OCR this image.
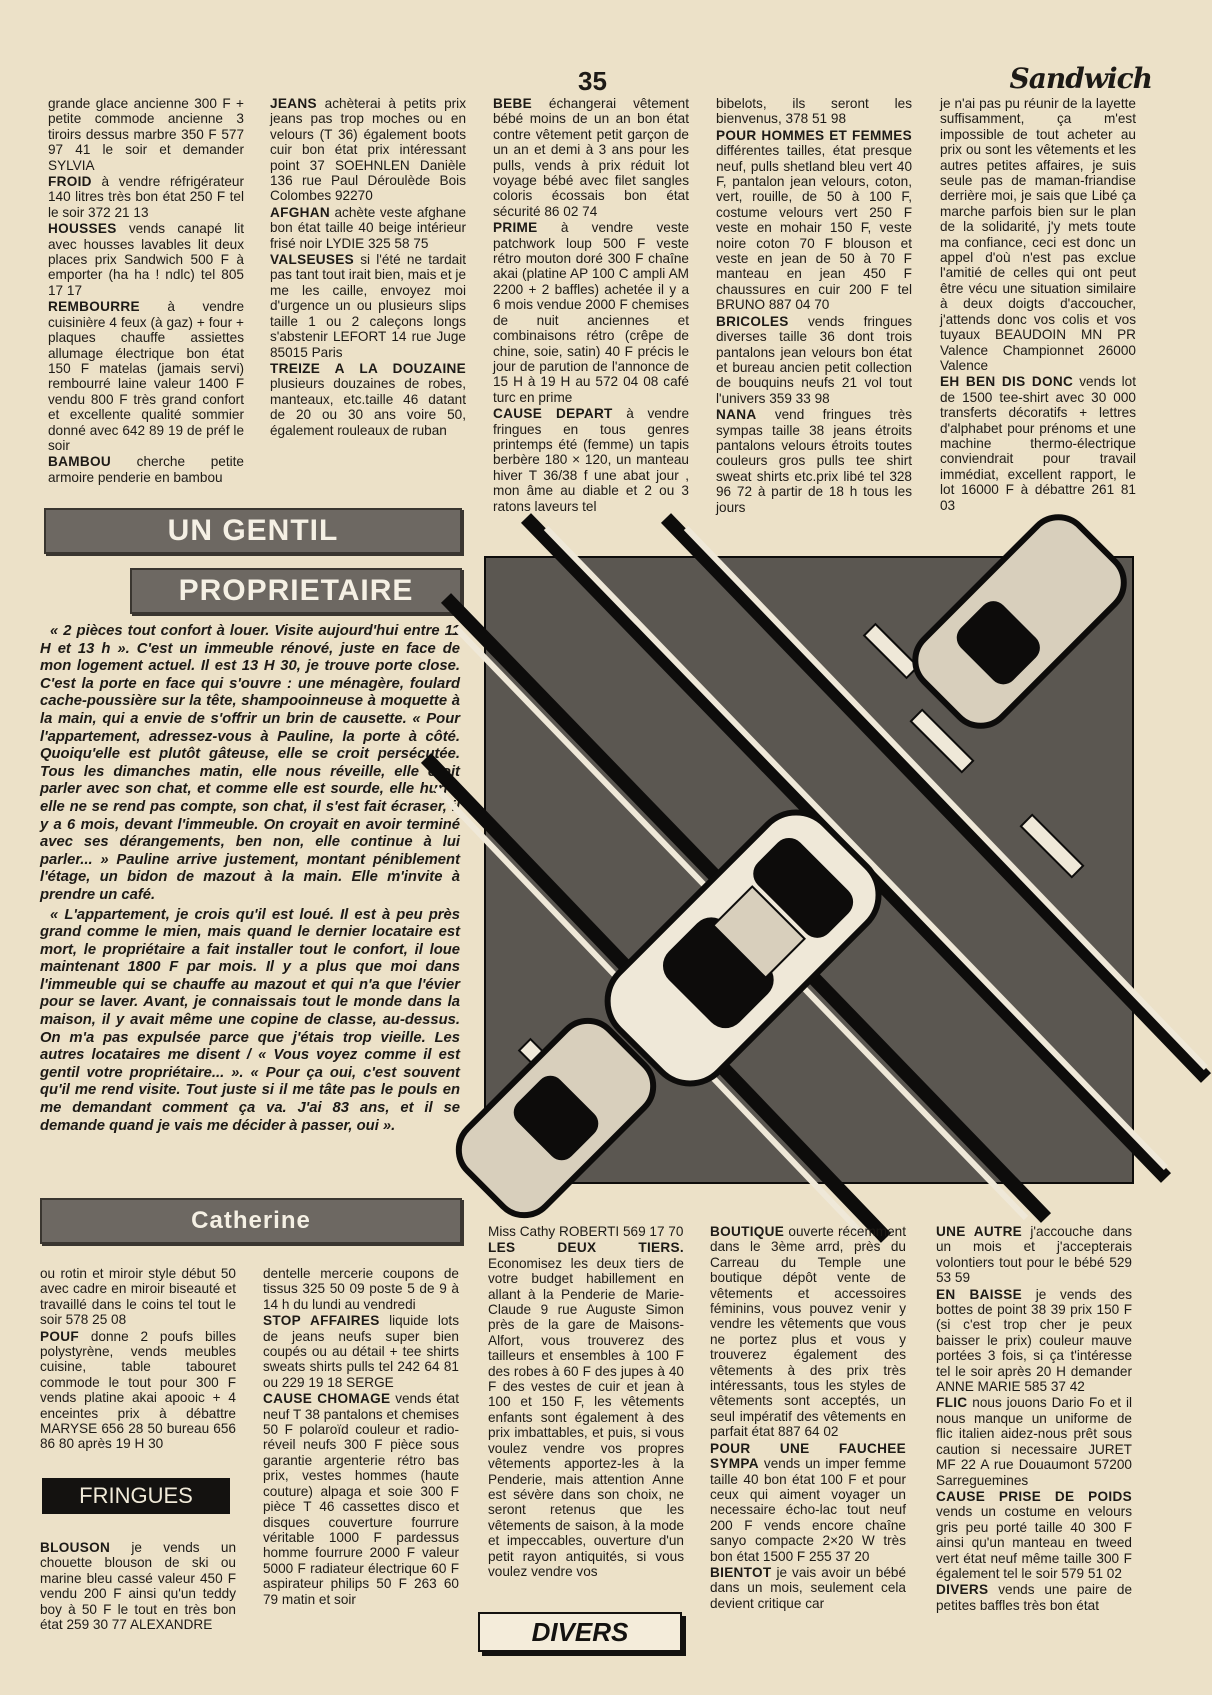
35	Sandwich

grande glace ancienne 300 F + petite commode ancienne 3 tiroirs dessus marbre 350 F 577 97 41 le soir et demander SYLVIA

FROID à vendre réfrigérateur 140 litres très bon état 250 F tel le soir 372 21 13

HOUSSES vends canapé lit avec housses lavables lit deux places prix Sandwich 500 F à emporter (ha ha ! ndlc) tel 805 17 17

REMBOURRE à vendre cuisinière 4 feux (à gaz) + four + plaques chauffe assiettes allumage électrique bon état 150 F matelas (jamais servi) rembourré laine valeur 1400 F vendu 800 F très grand confort et excellente qualité sommier donné avec 642 89 19 de préf le soir

BAMBOU cherche petite armoire penderie en bambou

JEANS achèterai à petits prix jeans pas trop moches ou en velours (T 36) également boots cuir bon état prix intéressant point 37 SOEHNLEN Danièle 136 rue Paul Déroulède Bois Colombes 92270

AFGHAN achète veste afghane bon état taille 40 beige intérieur frisé noir LYDIE 325 58 75

VALSEUSES si l'été ne tardait pas tant tout irait bien, mais et je me les caille, envoyez moi d'urgence un ou plusieurs slips taille 1 ou 2 caleçons longs s'abstenir LEFORT 14 rue Juge 85015 Paris

TREIZE A LA DOUZAINE plusieurs douzaines de robes, manteaux, etc.taille 46 datant de 20 ou 30 ans voire 50, également rouleaux de ruban

BEBE échangerai vêtement bébé moins de un an bon état contre vêtement petit garçon de un an et demi à 3 ans pour les pulls, vends à prix réduit lot voyage bébé avec filet sangles coloris écossais bon état sécurité 86 02 74

PRIME à vendre veste patchwork loup 500 F veste rétro mouton doré 300 F chaîne akai (platine AP 100 C ampli AM 2200 + 2 baffles) achetée il y a 6 mois vendue 2000 F chemises de nuit anciennes et combinaisons rétro (crêpe de chine, soie, satin) 40 F précis le jour de parution de l'annonce de 15 H à 19 H au 572 04 08 café turc en prime

CAUSE DEPART à vendre fringues en tous genres printemps été (femme) un tapis berbère 180 × 120, un manteau hiver T 36/38 f une abat jour , mon âme au diable et 2 ou 3 ratons laveurs tel

bibelots, ils seront les bienvenus, 378 51 98

POUR HOMMES ET FEMMES différentes tailles, état presque neuf, pulls shetland bleu vert 40 F, pantalon jean velours, coton, vert, rouille, de 50 à 100 F, costume velours vert 250 F veste en mohair 150 F, veste noire coton 70 F blouson et veste en jean de 50 à 70 F manteau en jean 450 F chaussures en cuir 200 F tel BRUNO 887 04 70

BRICOLES vends fringues diverses taille 36 dont trois pantalons jean velours bon état et bureau ancien petit collection de bouquins neufs 21 vol tout l'univers 359 33 98

NANA vend fringues très sympas taille 38 jeans étroits pantalons velours étroits toutes couleurs gros pulls tee shirt sweat shirts etc.prix libé tel 328 96 72 à partir de 18 h tous les jours

je n'ai pas pu réunir de la layette suffisamment, ça m'est impossible de tout acheter au prix ou sont les vêtements et les autres petites affaires, je suis seule pas de maman-friandise derrière moi, je sais que Libé ça marche parfois bien sur le plan de la solidarité, j'y mets toute ma confiance, ceci est donc un appel d'où n'est pas exclue l'amitié de celles qui ont peut être vécu une situation similaire à deux doigts d'accoucher, j'attends donc vos colis et vos tuyaux BEAUDOIN MN PR Valence Championnet 26000 Valence

EH BEN DIS DONC vends lot de 1500 tee-shirt avec 30 000 transferts décoratifs + lettres d'alphabet pour prénoms et une machine thermo-électrique conviendrait pour travail immédiat, excellent rapport, le lot 16000 F à débattre 261 81 03

UN GENTIL
PROPRIETAIRE

« 2 pièces tout confort à louer. Visite aujourd'hui entre 11 H et 13 h ». C'est un immeuble rénové, juste en face de mon logement actuel. Il est 13 H 30, je trouve porte close. C'est la porte en face qui s'ouvre : une ménagère, foulard cache-poussière sur la tête, shampooinneuse à moquette à la main, qui a envie de s'offrir un brin de causette. « Pour l'appartement, adressez-vous à Pauline, la porte à côté. Quoiqu'elle est plutôt gâteuse, elle se croit persécutée. Tous les dimanches matin, elle nous réveille, elle croit parler avec son chat, et comme elle est sourde, elle hurle, elle ne se rend pas compte, son chat, il s'est fait écraser, il y a 6 mois, devant l'immeuble. On croyait en avoir terminé avec ses dérangements, ben non, elle continue à lui parler... » Pauline arrive justement, montant péniblement l'étage, un bidon de mazout à la main. Elle m'invite à prendre un café.

« L'appartement, je crois qu'il est loué. Il est à peu près grand comme le mien, mais quand le dernier locataire est mort, le propriétaire a fait installer tout le confort, il loue maintenant 1800 F par mois. Il y a plus que moi dans l'immeuble qui se chauffe au mazout et qui n'a que l'évier pour se laver. Avant, je connaissais tout le monde dans la maison, il y avait même une copine de classe, au-dessus. On m'a pas expulsée parce que j'étais trop vieille. Les autres locataires me disent / « Vous voyez comme il est gentil votre propriétaire... ». « Pour ça oui, c'est souvent qu'il me rend visite. Tout juste si il me tâte pas le pouls en me demandant comment ça va. J'ai 83 ans, et il se demande quand je vais me décider à passer, oui ».

Catherine

ou rotin et miroir style début 50 avec cadre en miroir biseauté et travaillé dans le coins tel tout le soir 578 25 08

POUF donne 2 poufs billes polystyrène, vends meubles cuisine, table tabouret commode le tout pour 300 F vends platine akai apooic + 4 enceintes prix à débattre MARYSE 656 28 50 bureau 656 86 80 après 19 H 30

FRINGUES

BLOUSON je vends un chouette blouson de ski ou marine bleu cassé valeur 450 F vendu 200 F ainsi qu'un teddy boy à 50 F le tout en très bon état 259 30 77 ALEXANDRE

dentelle mercerie coupons de tissus 325 50 09 poste 5 de 9 à 14 h du lundi au vendredi

STOP AFFAIRES liquide lots de jeans neufs super bien coupés ou au détail + tee shirts sweats shirts pulls tel 242 64 81 ou 229 19 18 SERGE

CAUSE CHOMAGE vends état neuf T 38 pantalons et chemises 50 F polaroïd couleur et radio-réveil neufs 300 F pièce sous garantie argenterie rétro bas prix, vestes hommes (haute couture) alpaga et soie 300 F pièce T 46 cassettes disco et disques couverture fourrure véritable 1000 F pardessus homme fourrure 2000 F valeur 5000 F radiateur électrique 60 F aspirateur philips 50 F 263 60 79 matin et soir

Miss Cathy ROBERTI 569 17 70

LES DEUX TIERS. Economisez les deux tiers de votre budget habillement en allant à la Penderie de Marie-Claude 9 rue Auguste Simon près de la gare de Maisons-Alfort, vous trouverez des tailleurs et ensembles à 100 F des robes à 60 F des jupes à 40 F des vestes de cuir et jean à 100 et 150 F, les vêtements enfants sont également à des prix imbattables, et puis, si vous voulez vendre vos propres vêtements apportez-les à la Penderie, mais attention Anne est sévère dans son choix, ne seront retenus que les vêtements de saison, à la mode et impeccables, ouverture d'un petit rayon antiquités, si vous voulez vendre vos

DIVERS

BOUTIQUE ouverte récemment dans le 3ème arrd, près du Carreau du Temple une boutique dépôt vente de vêtements et accessoires féminins, vous pouvez venir y vendre les vêtements que vous ne portez plus et vous y trouverez également des vêtements à des prix très intéressants, tous les styles de vêtements sont acceptés, un seul impératif des vêtements en parfait état 887 64 02

POUR UNE FAUCHEE SYMPA vends un imper femme taille 40 bon état 100 F et pour ceux qui aiment voyager un necessaire écho-lac tout neuf 200 F vends encore chaîne sanyo compacte 2×20 W très bon état 1500 F 255 37 20

BIENTOT je vais avoir un bébé dans un mois, seulement cela devient critique car

UNE AUTRE j'accouche dans un mois et j'accepterais volontiers tout pour le bébé 529 53 59

EN BAISSE je vends des bottes de point 38 39 prix 150 F (si c'est trop cher je peux baisser le prix) couleur mauve portées 3 fois, si ça t'intéresse tel le soir après 20 H demander ANNE MARIE 585 37 42

FLIC nous jouons Dario Fo et il nous manque un uniforme de flic italien aidez-nous prêt sous caution si necessaire JURET MF 22 A rue Douaumont 57200 Sarreguemines

CAUSE PRISE DE POIDS vends un costume en velours gris peu porté taille 40 300 F ainsi qu'un manteau en tweed vert état neuf même taille 300 F également tel le soir 579 51 02

DIVERS vends une paire de petites baffles très bon état
